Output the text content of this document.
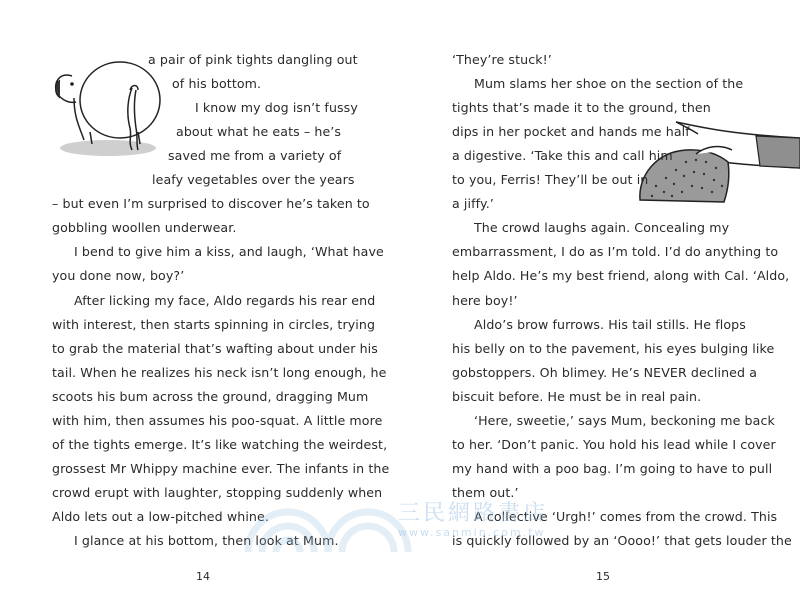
a pair of pink tights dangling out
of his bottom.
I know my dog isn’t fussy
about what he eats – he’s
saved me from a variety of
leafy vegetables over the years
– but even I’m surprised to discover he’s taken to
gobbling woollen underwear.
I bend to give him a kiss, and laugh, ‘What have
you done now, boy?’
After licking my face, Aldo regards his rear end
with interest, then starts spinning in circles, trying
to grab the material that’s wafting about under his
tail. When he realizes his neck isn’t long enough, he
scoots his bum across the ground, dragging Mum
with him, then assumes his poo-squat. A little more
of the tights emerge. It’s like watching the weirdest,
grossest Mr Whippy machine ever. The infants in the
crowd erupt with laughter, stopping suddenly when
Aldo lets out a low-pitched whine.
I glance at his bottom, then look at Mum.
14
‘They’re stuck!’
Mum slams her shoe on the section of the
tights that’s made it to the ground, then
dips in her pocket and hands me half
a digestive. ‘Take this and call him
to you, Ferris! They’ll be out in
a jiffy.’
The crowd laughs again. Concealing my
embarrassment, I do as I’m told. I’d do anything to
help Aldo. He’s my best friend, along with Cal. ‘Aldo,
here boy!’
Aldo’s brow furrows. His tail stills. He flops
his belly on to the pavement, his eyes bulging like
gobstoppers. Oh blimey. He’s NEVER declined a
biscuit before. He must be in real pain.
‘Here, sweetie,’ says Mum, beckoning me back
to her. ‘Don’t panic. You hold his lead while I cover
my hand with a poo bag. I’m going to have to pull
them out.’
A collective ‘Urgh!’ comes from the crowd. This
is quickly followed by an ‘Oooo!’ that gets louder the
15
三民網路書店
www.sanmin.com.tw
